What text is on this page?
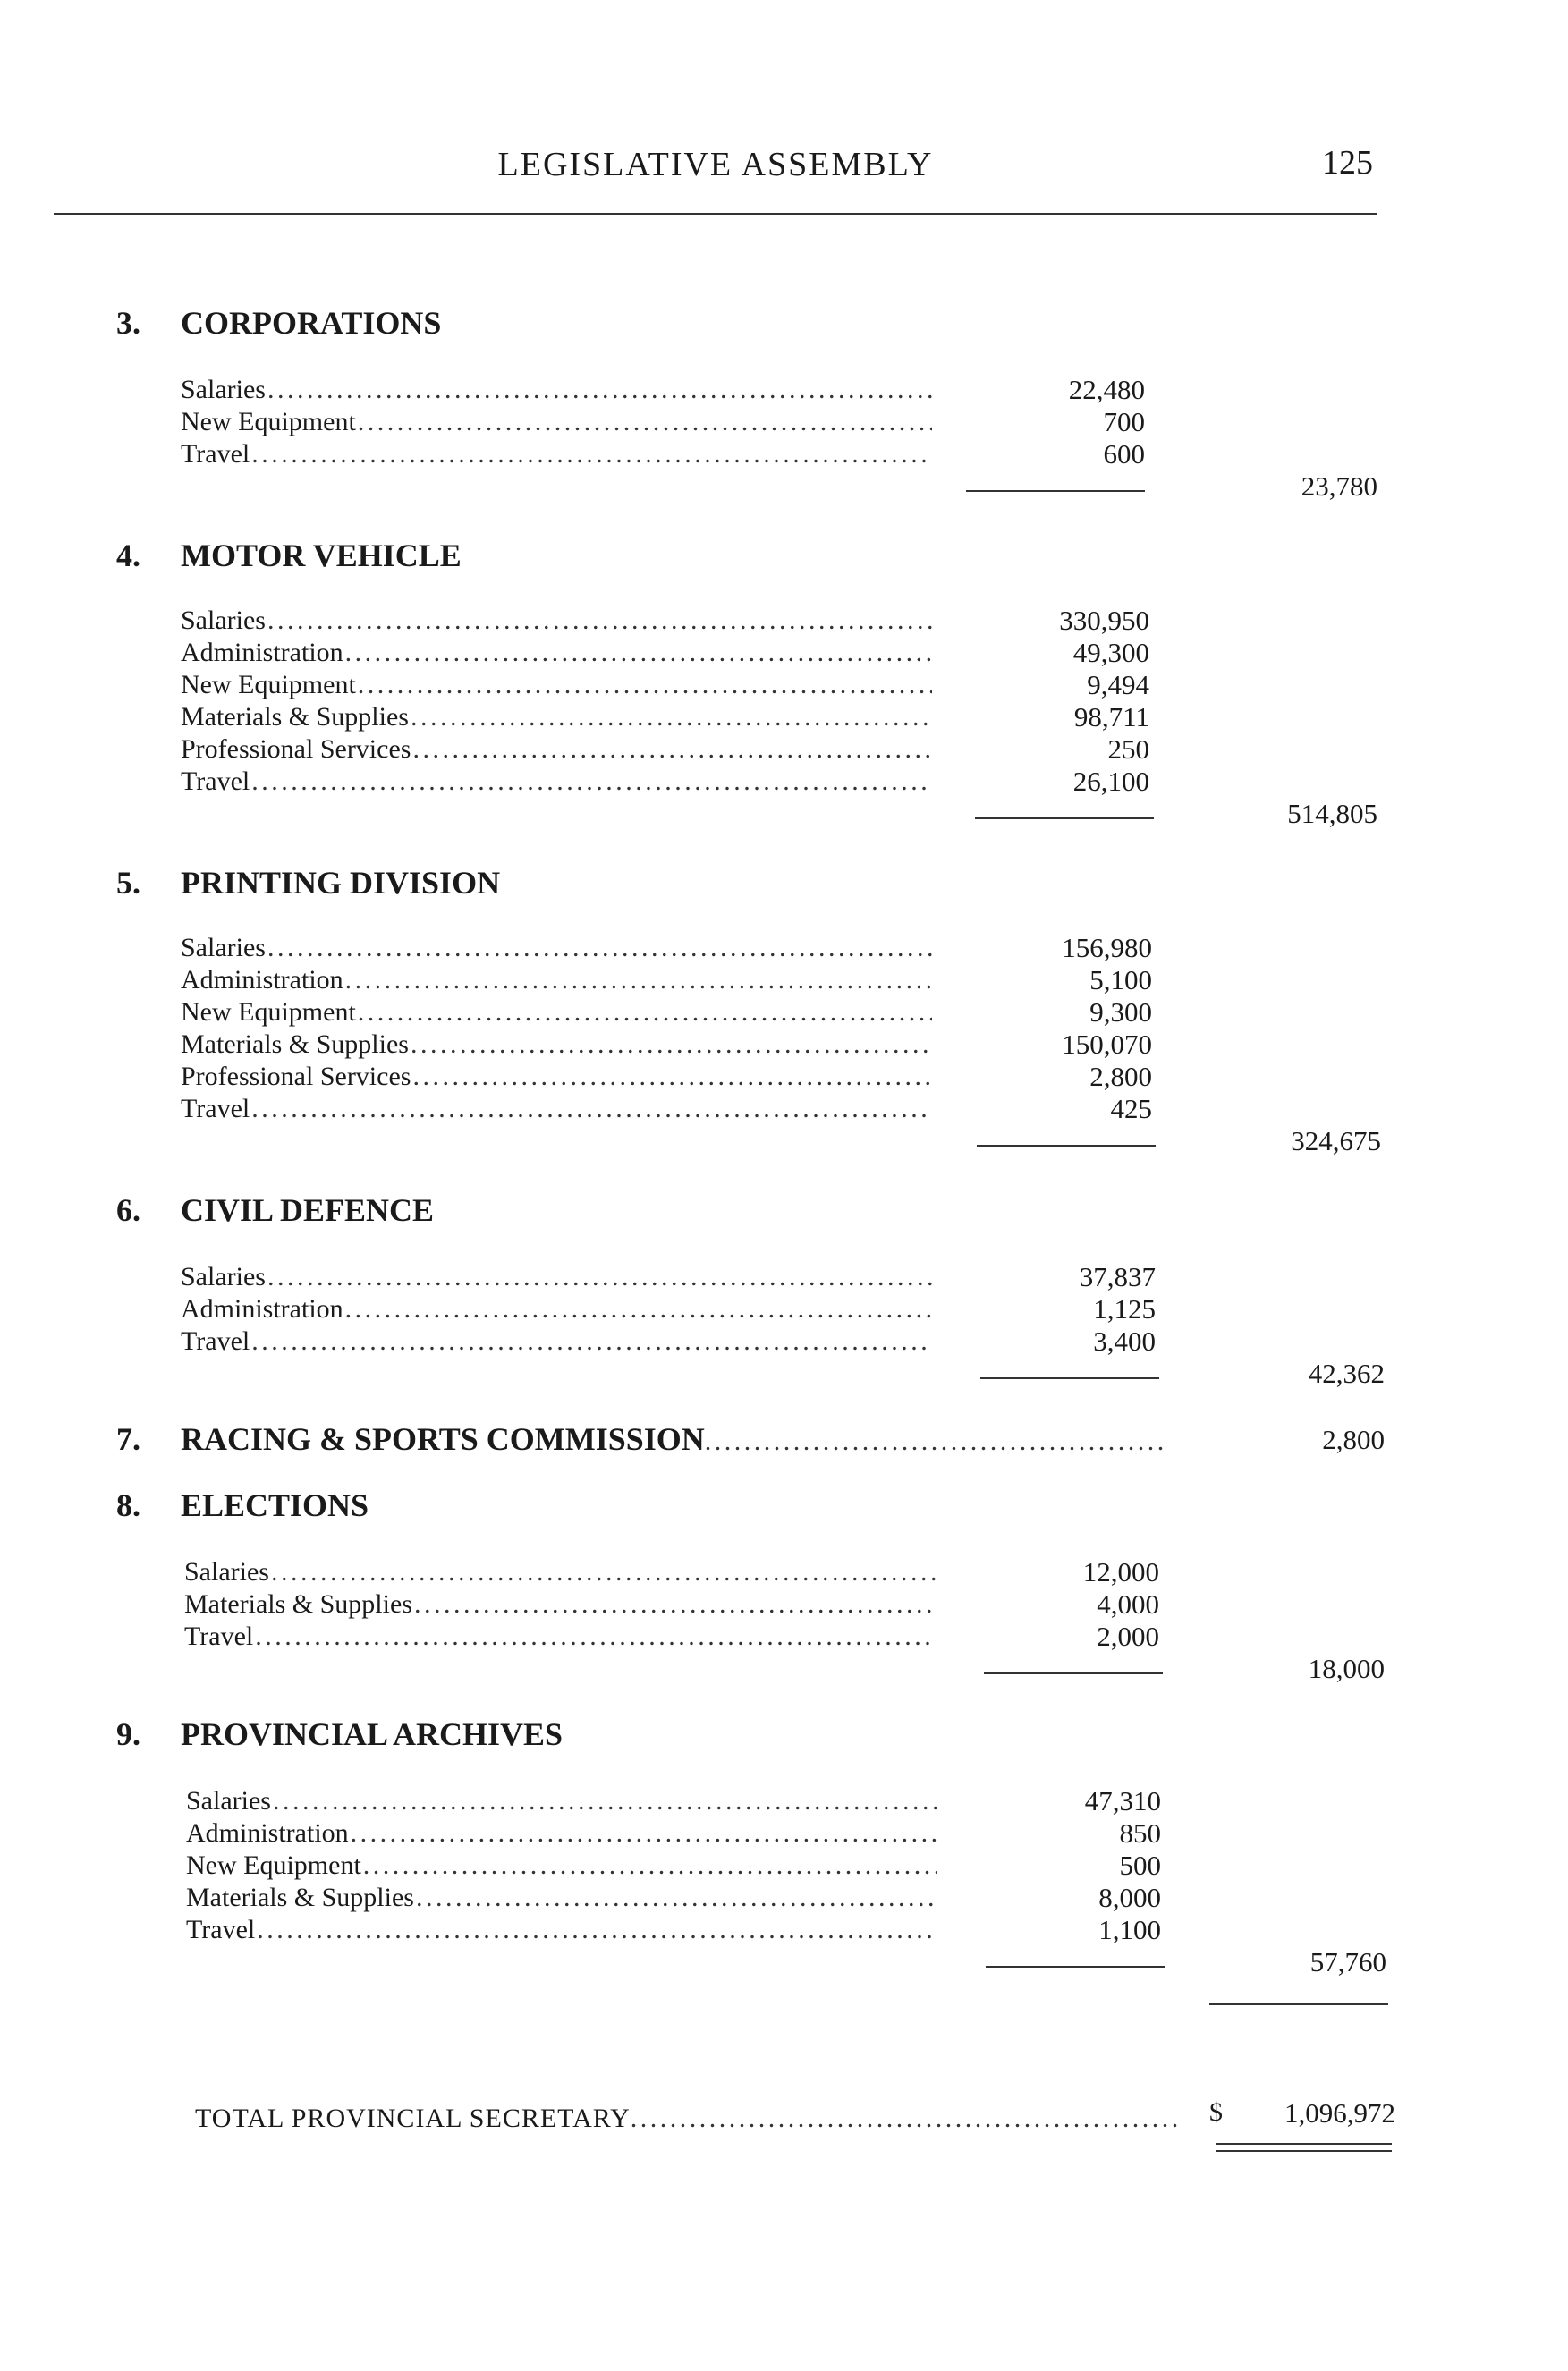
LEGISLATIVE ASSEMBLY	125
3. CORPORATIONS
Salaries . . .	22,480
New Equipment . . .	700
Travel . . .	600
23,780
4. MOTOR VEHICLE
Salaries . . .	330,950
Administration . . .	49,300
New Equipment . . .	9,494
Materials & Supplies . . .	98,711
Professional Services . . .	250
Travel . . .	26,100
514,805
5. PRINTING DIVISION
Salaries . . .	156,980
Administration . . .	5,100
New Equipment . . .	9,300
Materials & Supplies . . .	150,070
Professional Services . . .	2,800
Travel . . .	425
324,675
6. CIVIL DEFENCE
Salaries . . .	37,837
Administration . . .	1,125
Travel . . .	3,400
42,362
7.	RACING & SPORTS COMMISSION . . .	2,800
8. ELECTIONS
Salaries . . .	12,000
Materials & Supplies . . .	4,000
Travel . . .	2,000
18,000
9. PROVINCIAL ARCHIVES
Salaries . . .	47,310
Administration . . .	850
New Equipment . . .	500
Materials & Supplies . . .	8,000
Travel . . .	1,100
57,760
TOTAL PROVINCIAL SECRETARY . . .	$	1,096,972
